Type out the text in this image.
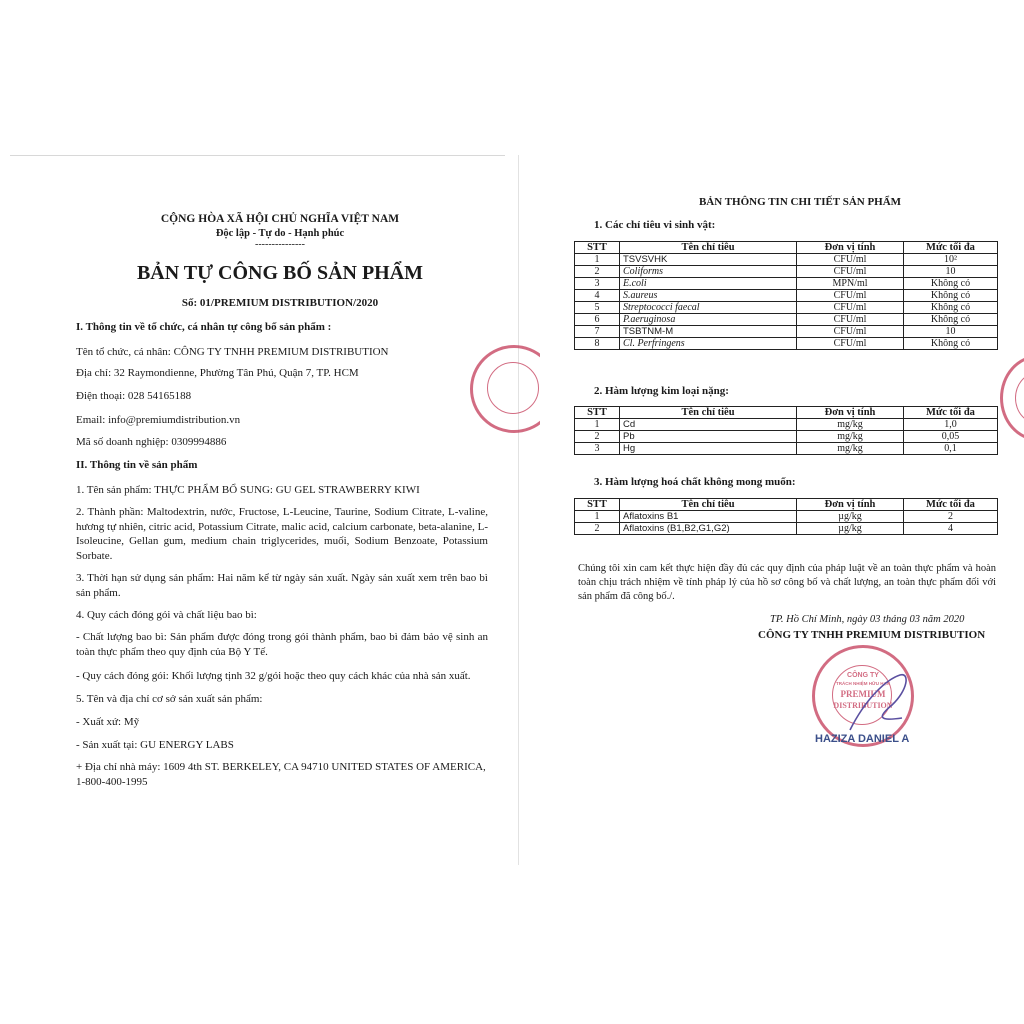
CỘNG HÒA XÃ HỘI CHỦ NGHĨA VIỆT NAM
Độc lập - Tự do - Hạnh phúc
---------------
BẢN TỰ CÔNG BỐ SẢN PHẨM
Số: 01/PREMIUM DISTRIBUTION/2020
I. Thông tin về tổ chức, cá nhân tự công bố sản phẩm :
Tên tổ chức, cá nhân: CÔNG TY TNHH PREMIUM DISTRIBUTION
Địa chỉ: 32 Raymondienne, Phường Tân Phú, Quận 7, TP. HCM
Điện thoại: 028 54165188
Email: info@premiumdistribution.vn
Mã số doanh nghiệp: 0309994886
II. Thông tin về sản phẩm
1. Tên sản phẩm: THỰC PHẨM BỔ SUNG: GU GEL STRAWBERRY KIWI
2. Thành phần: Maltodextrin, nước, Fructose, L-Leucine, Taurine, Sodium Citrate, L-valine, hương tự nhiên, citric acid, Potassium Citrate, malic acid, calcium carbonate, beta-alanine, L-Isoleucine, Gellan gum, medium chain triglycerides, muối, Sodium Benzoate, Potassium Sorbate.
3. Thời hạn sử dụng sản phẩm: Hai năm kể từ ngày sản xuất. Ngày sản xuất xem trên bao bì sản phẩm.
4. Quy cách đóng gói và chất liệu bao bì:
- Chất lượng bao bì: Sản phẩm được đóng trong gói thành phẩm, bao bì đảm bảo vệ sinh an toàn thực phẩm theo quy định của Bộ Y Tế.
- Quy cách đóng gói: Khối lượng tịnh 32 g/gói hoặc theo quy cách khác của nhà sản xuất.
5. Tên và địa chỉ cơ sở sản xuất sản phẩm:
- Xuất xứ: Mỹ
- Sản xuất tại: GU ENERGY LABS
+ Địa chỉ nhà máy: 1609 4th ST. BERKELEY, CA 94710 UNITED STATES OF AMERICA, 1-800-400-1995
BẢN THÔNG TIN CHI TIẾT SẢN PHẨM
1. Các chỉ tiêu vi sinh vật:
STT	Tên chỉ tiêu	Đơn vị tính	Mức tối đa
1	TSVSVHK	CFU/ml	10²
2	Coliforms	CFU/ml	10
3	E.coli	MPN/ml	Không có
4	S.aureus	CFU/ml	Không có
5	Streptococci faecal	CFU/ml	Không có
6	P.aeruginosa	CFU/ml	Không có
7	TSBTNM-M	CFU/ml	10
8	Cl. Perfringens	CFU/ml	Không có
2. Hàm lượng kim loại nặng:
STT	Tên chỉ tiêu	Đơn vị tính	Mức tối đa
1	Cd	mg/kg	1,0
2	Pb	mg/kg	0,05
3	Hg	mg/kg	0,1
3. Hàm lượng hoá chất không mong muốn:
STT	Tên chỉ tiêu	Đơn vị tính	Mức tối đa
1	Aflatoxins B1	µg/kg	2
2	Aflatoxins (B1,B2,G1,G2)	µg/kg	4
Chúng tôi xin cam kết thực hiện đầy đủ các quy định của pháp luật về an toàn thực phẩm và hoàn toàn chịu trách nhiệm về tính pháp lý của hồ sơ công bố và chất lượng, an toàn thực phẩm đối với sản phẩm đã công bố./.
TP. Hồ Chí Minh, ngày 03 tháng 03 năm 2020
CÔNG TY TNHH PREMIUM DISTRIBUTION
CÔNG TY
TRÁCH NHIỆM HỮU HẠN
PREMIUM
DISTRIBUTION
HAZIZA DANIEL A
